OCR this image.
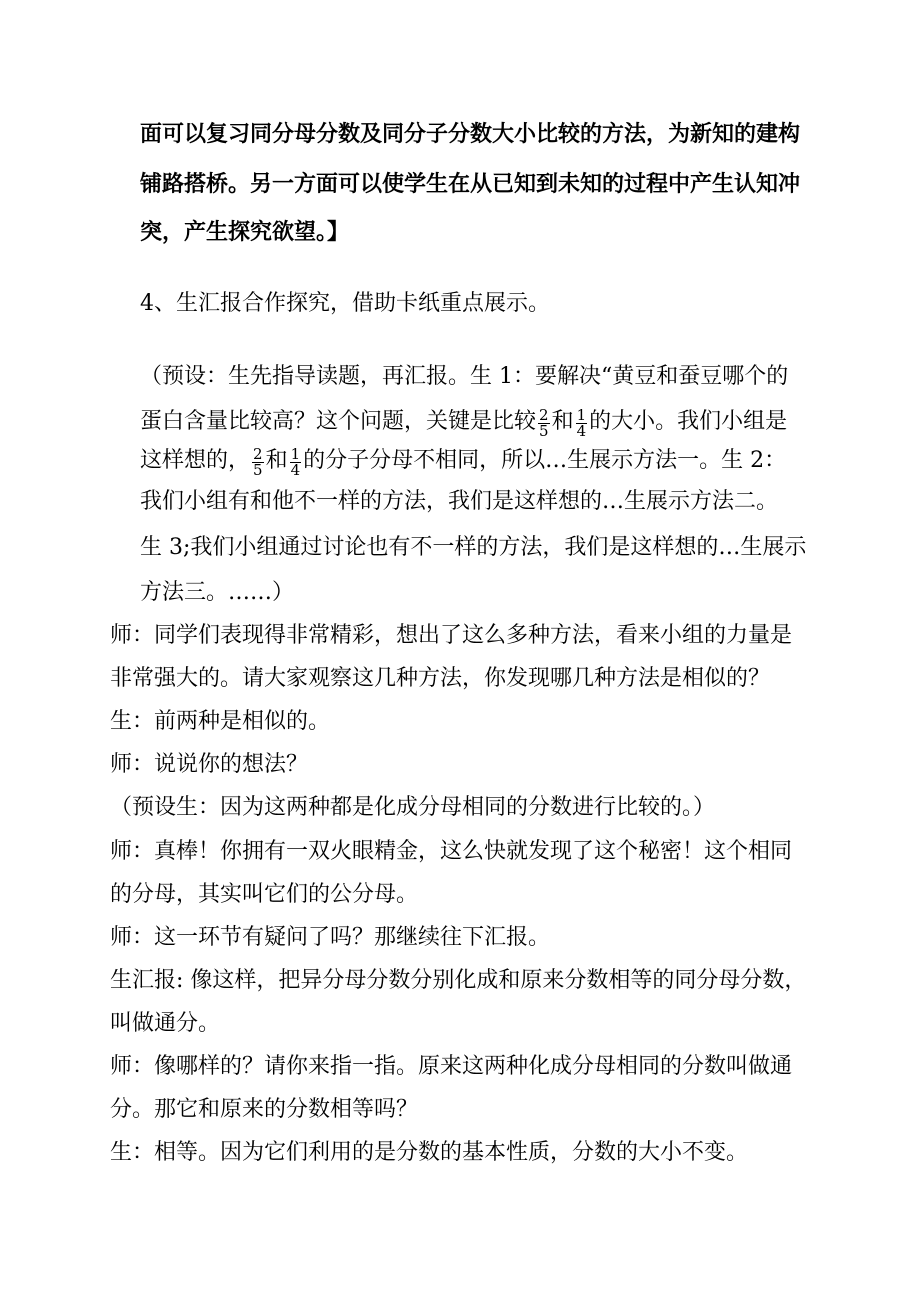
面可以复习同分母分数及同分子分数大小比较的方法，为新知的建构
铺路搭桥。另一方面可以使学生在从已知到未知的过程中产生认知冲
突，产生探究欲望。】
4、生汇报合作探究，借助卡纸重点展示。
（预设：生先指导读题，再汇报。生 1：要解决“黄豆和蚕豆哪个的
蛋白含量比较高？这个问题，关键是比较 $\frac{2}{5}$ 和 $\frac{1}{4}$ 的大小。我们小组是
这样想的， $\frac{2}{5}$ 和 $\frac{1}{4}$ 的分子分母不相同，所以…生展示方法一。生 2：
我们小组有和他不一样的方法，我们是这样想的…生展示方法二。
生 3;我们小组通过讨论也有不一样的方法，我们是这样想的…生展示
方法三。……）
师：同学们表现得非常精彩，想出了这么多种方法，看来小组的力量是
非常强大的。请大家观察这几种方法，你发现哪几种方法是相似的？
生：前两种是相似的。
师：说说你的想法？
（预设生：因为这两种都是化成分母相同的分数进行比较的。）
师：真棒！你拥有一双火眼精金，这么快就发现了这个秘密！这个相同
的分母，其实叫它们的公分母。
师：这一环节有疑问了吗？那继续往下汇报。
生汇报: 像这样，把异分母分数分别化成和原来分数相等的同分母分数，
叫做通分。
师：像哪样的？请你来指一指。原来这两种化成分母相同的分数叫做通
分。那它和原来的分数相等吗？
生：相等。因为它们利用的是分数的基本性质，分数的大小不变。
